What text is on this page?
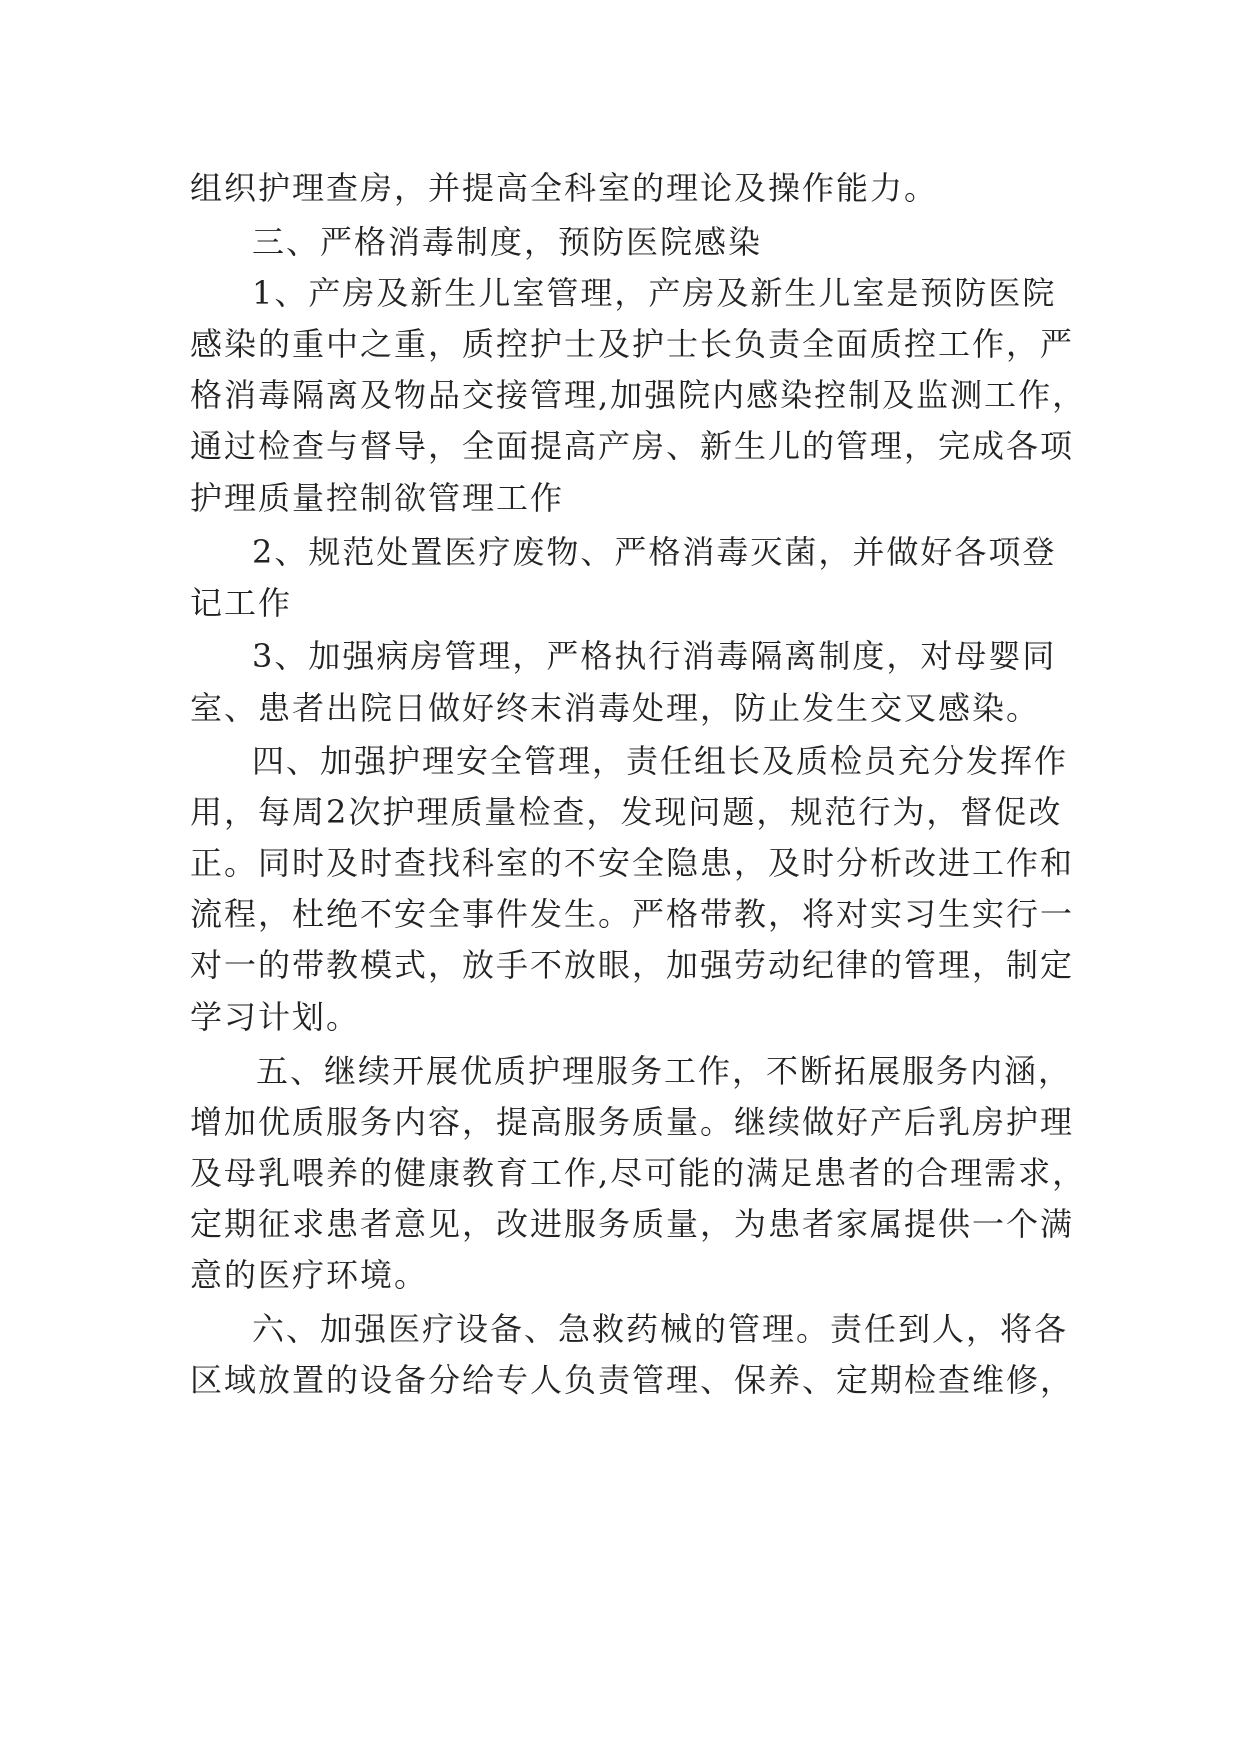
组织护理查房，并提高全科室的理论及操作能力。
三、严格消毒制度，预防医院感染
1、产房及新生儿室管理，产房及新生儿室是预防医院
感染的重中之重，质控护士及护士长负责全面质控工作，严
格消毒隔离及物品交接管理,加强院内感染控制及监测工作，
通过检查与督导，全面提高产房、新生儿的管理，完成各项
护理质量控制欲管理工作
2、规范处置医疗废物、严格消毒灭菌，并做好各项登
记工作
3、加强病房管理，严格执行消毒隔离制度，对母婴同
室、患者出院日做好终末消毒处理，防止发生交叉感染。
四、加强护理安全管理，责任组长及质检员充分发挥作
用，每周2次护理质量检查，发现问题，规范行为，督促改
正。同时及时查找科室的不安全隐患，及时分析改进工作和
流程，杜绝不安全事件发生。严格带教，将对实习生实行一
对一的带教模式，放手不放眼，加强劳动纪律的管理，制定
学习计划。
五、继续开展优质护理服务工作，不断拓展服务内涵，
增加优质服务内容，提高服务质量。继续做好产后乳房护理
及母乳喂养的健康教育工作,尽可能的满足患者的合理需求，
定期征求患者意见，改进服务质量，为患者家属提供一个满
意的医疗环境。
六、加强医疗设备、急救药械的管理。责任到人，将各
区域放置的设备分给专人负责管理、保养、定期检查维修，
